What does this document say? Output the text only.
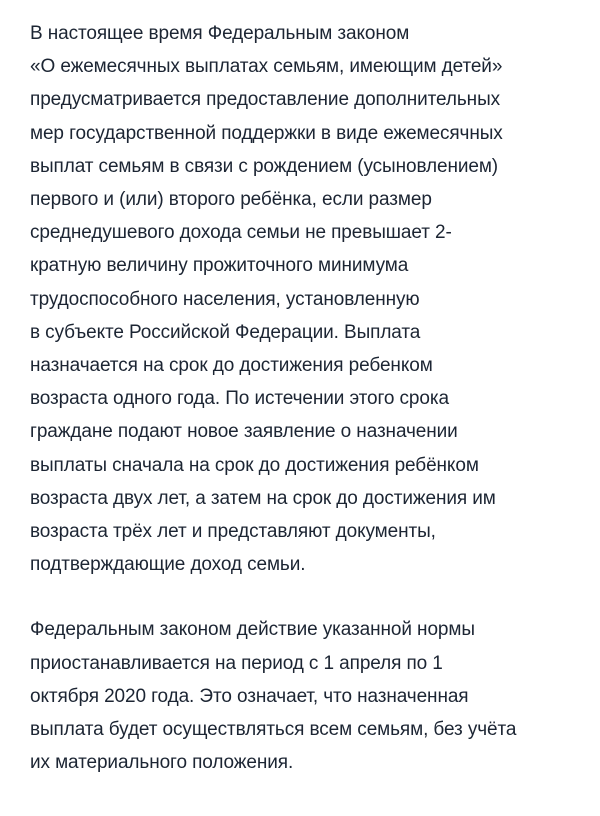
В настоящее время Федеральным законом
«О ежемесячных выплатах семьям, имеющим детей»
предусматривается предоставление дополнительных
мер государственной поддержки в виде ежемесячных
выплат семьям в связи с рождением (усыновлением)
первого и (или) второго ребёнка, если размер
среднедушевого дохода семьи не превышает 2-
кратную величину прожиточного минимума
трудоспособного населения, установленную
в субъекте Российской Федерации. Выплата
назначается на срок до достижения ребенком
возраста одного года. По истечении этого срока
граждане подают новое заявление о назначении
выплаты сначала на срок до достижения ребёнком
возраста двух лет, а затем на срок до достижения им
возраста трёх лет и представляют документы,
подтверждающие доход семьи.

Федеральным законом действие указанной нормы
приостанавливается на период с 1 апреля по 1
октября 2020 года. Это означает, что назначенная
выплата будет осуществляться всем семьям, без учёта
их материального положения.
